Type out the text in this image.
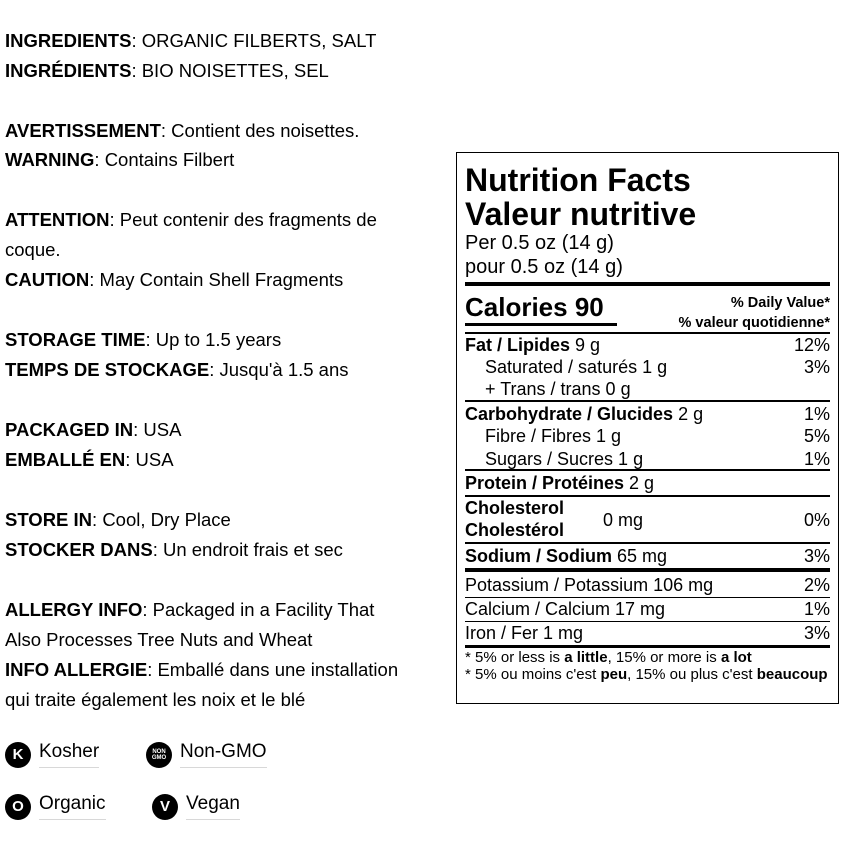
INGREDIENTS: ORGANIC FILBERTS, SALT
INGRÉDIENTS: BIO NOISETTES, SEL
AVERTISSEMENT: Contient des noisettes.
WARNING: Contains Filbert
ATTENTION: Peut contenir des fragments de
coque.
CAUTION: May Contain Shell Fragments
STORAGE TIME: Up to 1.5 years
TEMPS DE STOCKAGE: Jusqu'à 1.5 ans
PACKAGED IN: USA
EMBALLÉ EN: USA
STORE IN: Cool, Dry Place
STOCKER DANS: Un endroit frais et sec
ALLERGY INFO: Packaged in a Facility That
Also Processes Tree Nuts and Wheat
INFO ALLERGIE: Emballé dans une installation
qui traite également les noix et le blé
K Kosher	NON
GMO Non-GMO
O Organic	V Vegan
Nutrition Facts
Valeur nutritive
Per 0.5 oz (14 g)
pour 0.5 oz (14 g)
Calories 90	% Daily Value*
% valeur quotidienne*
Fat / Lipides 9 g	12%
Saturated / saturés 1 g	3%
+ Trans / trans 0 g
Carbohydrate / Glucides 2 g	1%
Fibre / Fibres 1 g	5%
Sugars / Sucres 1 g	1%
Protein / Protéines 2 g
Cholesterol
Cholestérol 0 mg	0%
Sodium / Sodium 65 mg	3%
Potassium / Potassium 106 mg	2%
Calcium / Calcium 17 mg	1%
Iron / Fer 1 mg	3%
* 5% or less is a little, 15% or more is a lot
* 5% ou moins c'est peu, 15% ou plus c'est beaucoup
